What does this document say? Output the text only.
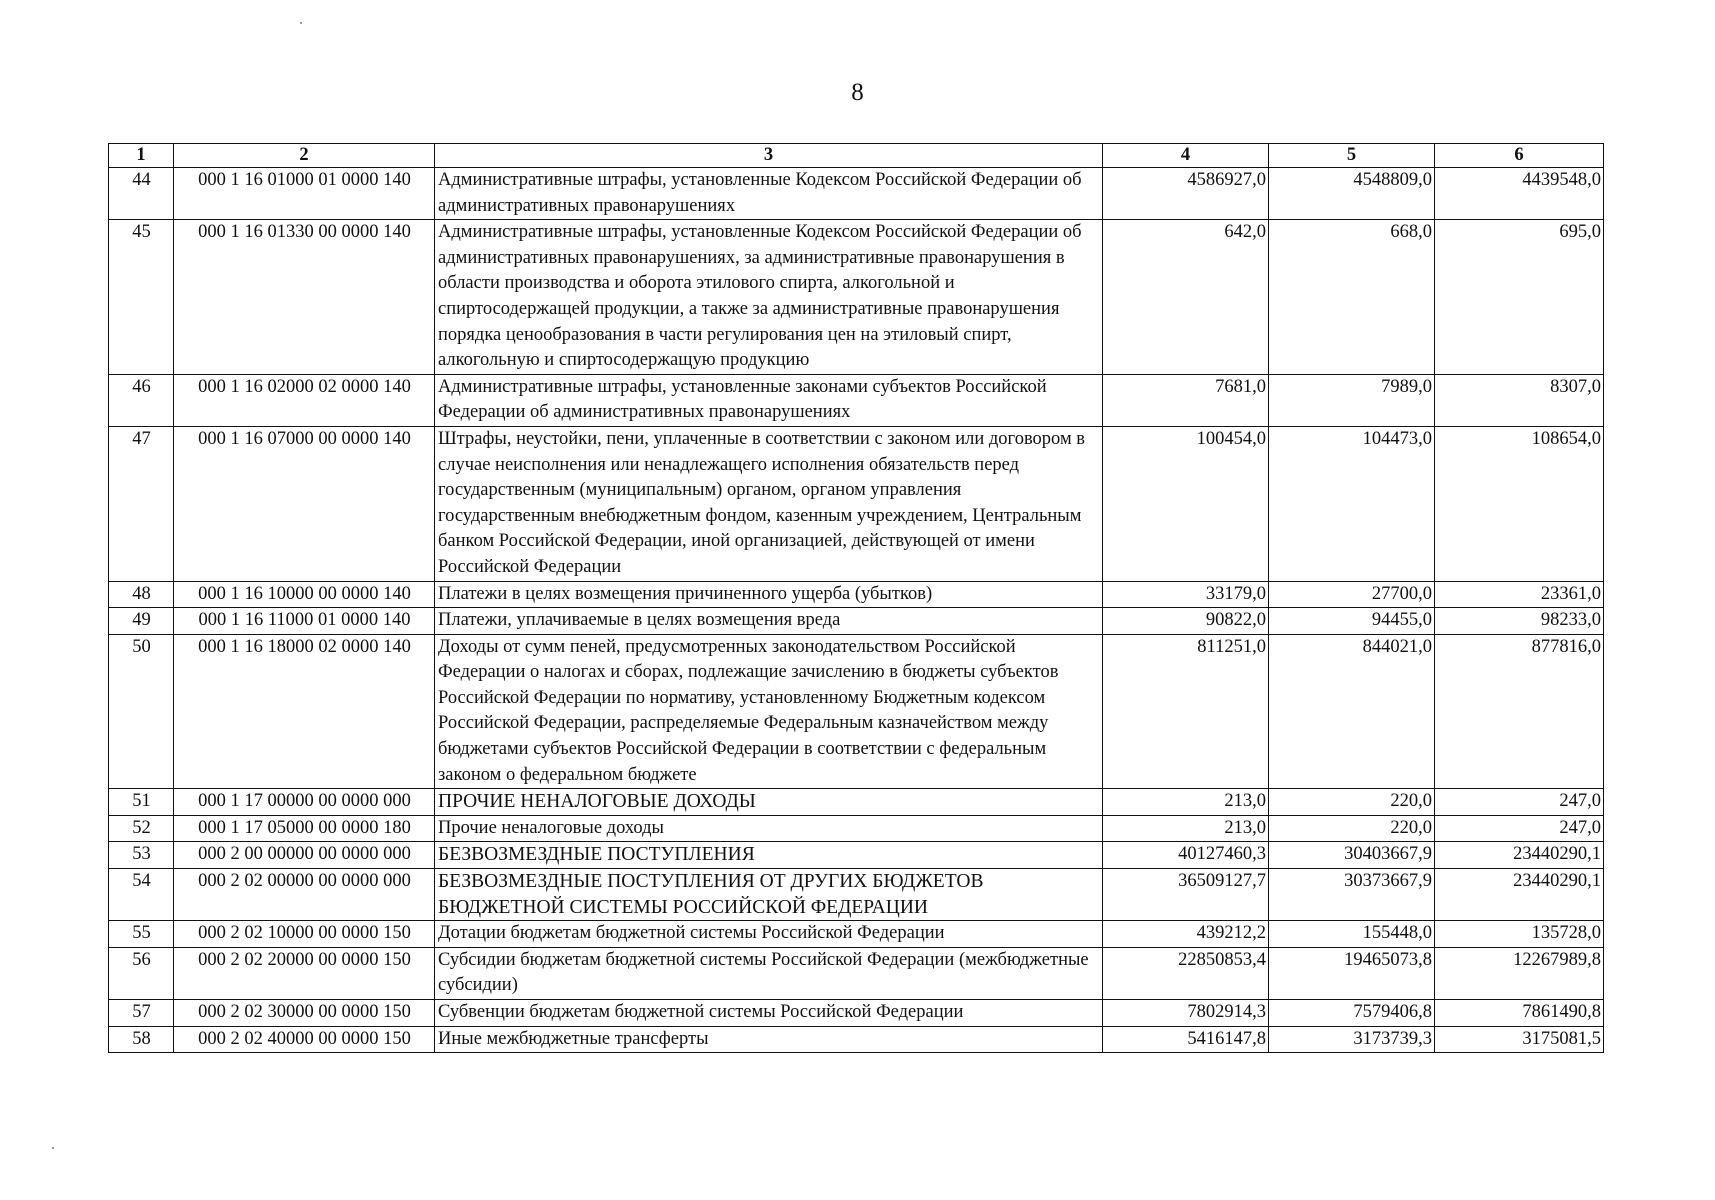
8
1	2	3	4	5	6
44	000 1 16 01000 01 0000 140	Административные штрафы, установленные Кодексом Российской Федерации об административных правонарушениях	4586927,0	4548809,0	4439548,0
45	000 1 16 01330 00 0000 140	Административные штрафы, установленные Кодексом Российской Федерации об административных правонарушениях, за административные правонарушения в области производства и оборота этилового спирта, алкогольной и спиртосодержащей продукции, а также за административные правонарушения порядка ценообразования в части регулирования цен на этиловый спирт, алкогольную и спиртосодержащую продукцию	642,0	668,0	695,0
46	000 1 16 02000 02 0000 140	Административные штрафы, установленные законами субъектов Российской Федерации об административных правонарушениях	7681,0	7989,0	8307,0
47	000 1 16 07000 00 0000 140	Штрафы, неустойки, пени, уплаченные в соответствии с законом или договором в случае неисполнения или ненадлежащего исполнения обязательств перед государственным (муниципальным) органом, органом управления государственным внебюджетным фондом, казенным учреждением, Центральным банком Российской Федерации, иной организацией, действующей от имени Российской Федерации	100454,0	104473,0	108654,0
48	000 1 16 10000 00 0000 140	Платежи в целях возмещения причиненного ущерба (убытков)	33179,0	27700,0	23361,0
49	000 1 16 11000 01 0000 140	Платежи, уплачиваемые в целях возмещения вреда	90822,0	94455,0	98233,0
50	000 1 16 18000 02 0000 140	Доходы от сумм пеней, предусмотренных законодательством Российской Федерации о налогах и сборах, подлежащие зачислению в бюджеты субъектов Российской Федерации по нормативу, установленному Бюджетным кодексом Российской Федерации, распределяемые Федеральным казначейством между бюджетами субъектов Российской Федерации в соответствии с федеральным законом о федеральном бюджете	811251,0	844021,0	877816,0
51	000 1 17 00000 00 0000 000	ПРОЧИЕ НЕНАЛОГОВЫЕ ДОХОДЫ	213,0	220,0	247,0
52	000 1 17 05000 00 0000 180	Прочие неналоговые доходы	213,0	220,0	247,0
53	000 2 00 00000 00 0000 000	БЕЗВОЗМЕЗДНЫЕ ПОСТУПЛЕНИЯ	40127460,3	30403667,9	23440290,1
54	000 2 02 00000 00 0000 000	БЕЗВОЗМЕЗДНЫЕ ПОСТУПЛЕНИЯ ОТ ДРУГИХ БЮДЖЕТОВ БЮДЖЕТНОЙ СИСТЕМЫ РОССИЙСКОЙ ФЕДЕРАЦИИ	36509127,7	30373667,9	23440290,1
55	000 2 02 10000 00 0000 150	Дотации бюджетам бюджетной системы Российской Федерации	439212,2	155448,0	135728,0
56	000 2 02 20000 00 0000 150	Субсидии бюджетам бюджетной системы Российской Федерации (межбюджетные субсидии)	22850853,4	19465073,8	12267989,8
57	000 2 02 30000 00 0000 150	Субвенции бюджетам бюджетной системы Российской Федерации	7802914,3	7579406,8	7861490,8
58	000 2 02 40000 00 0000 150	Иные межбюджетные трансферты	5416147,8	3173739,3	3175081,5
